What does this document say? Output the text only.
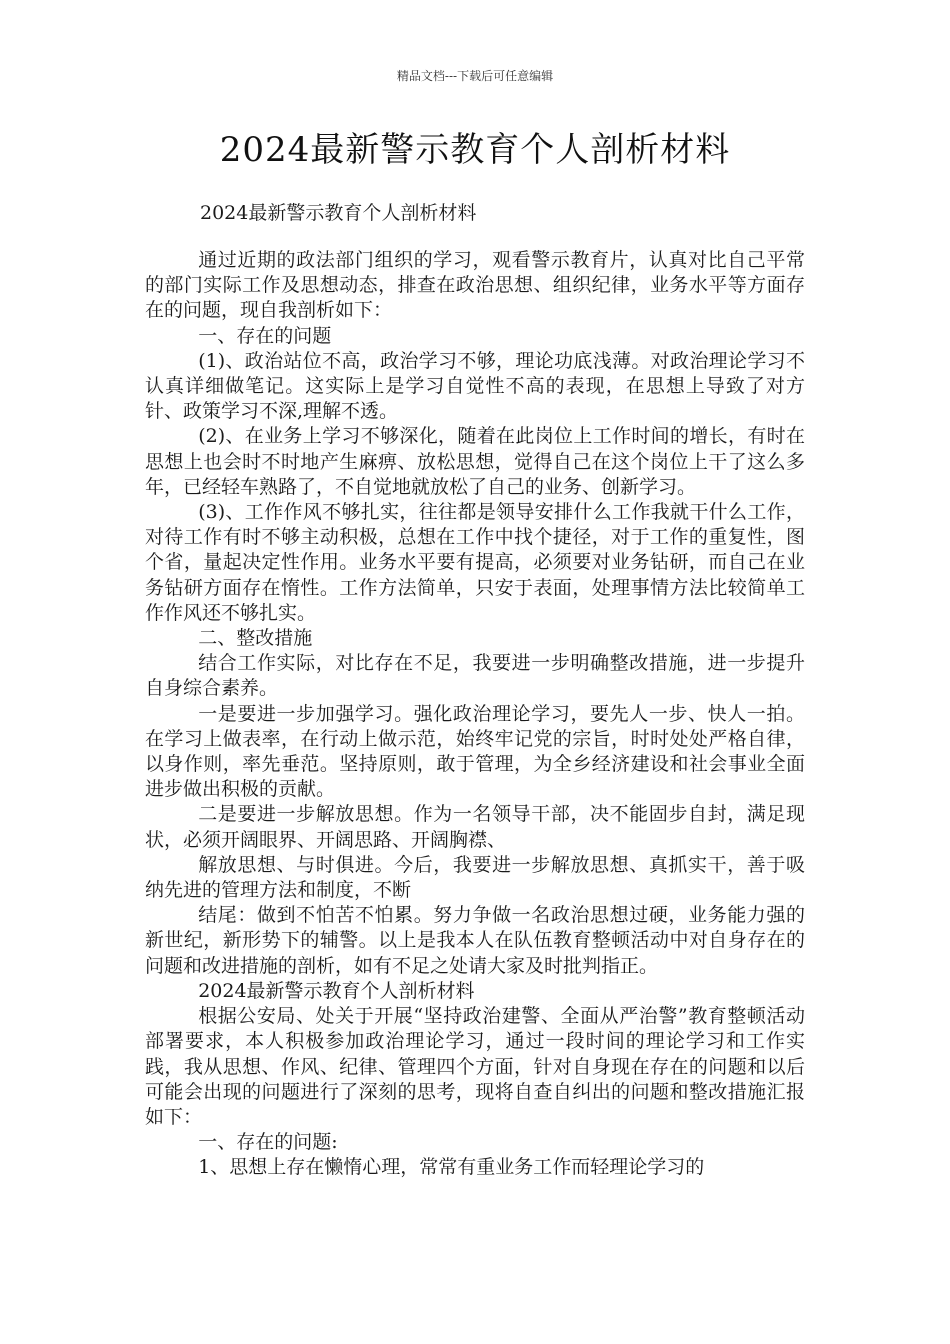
精品文档---下载后可任意编辑
2024最新警示教育个人剖析材料
2024最新警示教育个人剖析材料

通过近期的政法部门组织的学习，观看警示教育片，认真对比自己平常的部门实际工作及思想动态，排查在政治思想、组织纪律，业务水平等方面存在的问题，现自我剖析如下：

一、存在的问题

(1)、政治站位不高，政治学习不够，理论功底浅薄。对政治理论学习不认真详细做笔记。这实际上是学习自觉性不高的表现，在思想上导致了对方针、政策学习不深,理解不透。

(2)、在业务上学习不够深化，随着在此岗位上工作时间的增长，有时在思想上也会时不时地产生麻痹、放松思想，觉得自己在这个岗位上干了这么多年，已经轻车熟路了，不自觉地就放松了自己的业务、创新学习。

(3)、工作作风不够扎实，往往都是领导安排什么工作我就干什么工作，对待工作有时不够主动积极，总想在工作中找个捷径，对于工作的重复性，图个省，量起决定性作用。业务水平要有提高，必须要对业务钻研，而自己在业务钻研方面存在惰性。工作方法简单，只安于表面，处理事情方法比较简单工作作风还不够扎实。

二、整改措施

结合工作实际，对比存在不足，我要进一步明确整改措施，进一步提升自身综合素养。

一是要进一步加强学习。强化政治理论学习，要先人一步、快人一拍。在学习上做表率，在行动上做示范，始终牢记党的宗旨，时时处处严格自律，以身作则，率先垂范。坚持原则，敢于管理，为全乡经济建设和社会事业全面进步做出积极的贡献。

二是要进一步解放思想。作为一名领导干部，决不能固步自封，满足现状，必须开阔眼界、开阔思路、开阔胸襟、

解放思想、与时俱进。今后，我要进一步解放思想、真抓实干，善于吸纳先进的管理方法和制度，不断

结尾：做到不怕苦不怕累。努力争做一名政治思想过硬，业务能力强的新世纪，新形势下的辅警。以上是我本人在队伍教育整顿活动中对自身存在的问题和改进措施的剖析，如有不足之处请大家及时批判指正。

2024最新警示教育个人剖析材料

根据公安局、处关于开展“坚持政治建警、全面从严治警”教育整顿活动部署要求，本人积极参加政治理论学习，通过一段时间的理论学习和工作实践，我从思想、作风、纪律、管理四个方面，针对自身现在存在的问题和以后可能会出现的问题进行了深刻的思考，现将自查自纠出的问题和整改措施汇报如下：

一、存在的问题:

1、思想上存在懒惰心理，常常有重业务工作而轻理论学习的
